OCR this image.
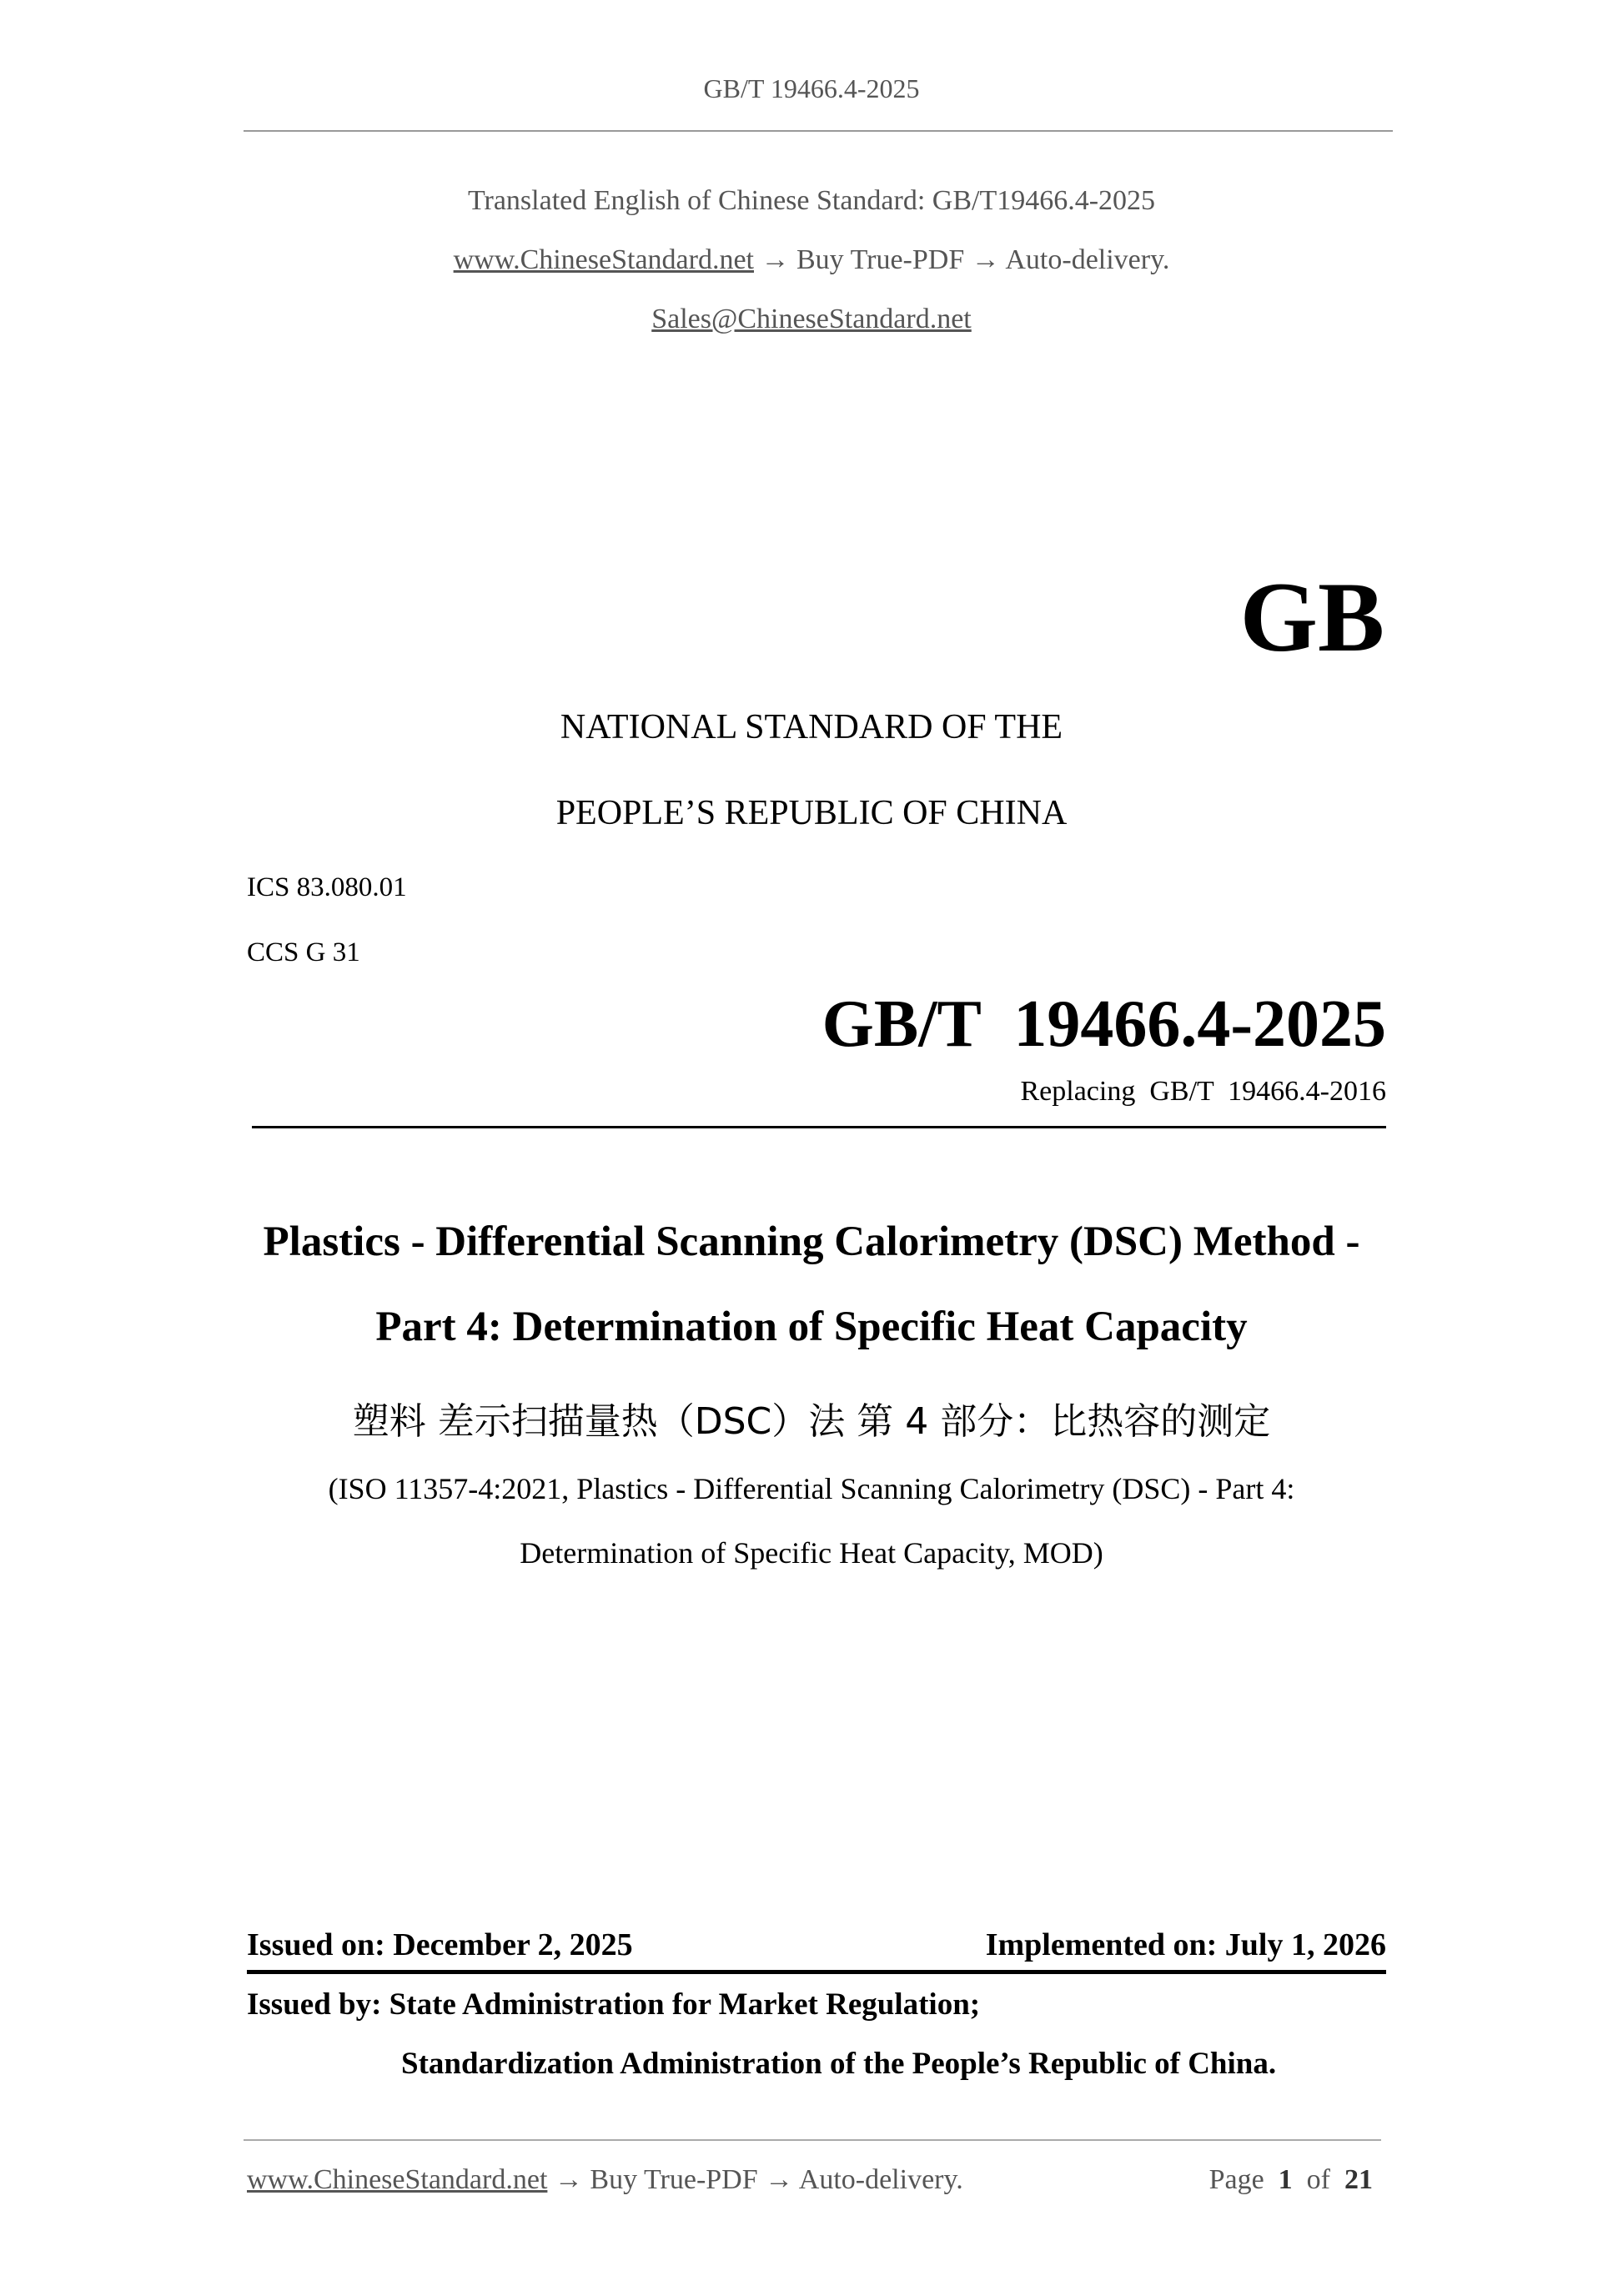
GB/T 19466.4-2025
Translated English of Chinese Standard: GB/T19466.4-2025
www.ChineseStandard.net → Buy True-PDF → Auto-delivery.
Sales@ChineseStandard.net
GB
NATIONAL STANDARD OF THE
PEOPLE’S REPUBLIC OF CHINA
ICS 83.080.01
CCS G 31
GB/T  19466.4-2025
Replacing  GB/T  19466.4-2016
Plastics - Differential Scanning Calorimetry (DSC) Method -
Part 4: Determination of Specific Heat Capacity
塑料 差示扫描量热（DSC）法 第 4 部分：比热容的测定
(ISO 11357-4:2021, Plastics - Differential Scanning Calorimetry (DSC) - Part 4:
Determination of Specific Heat Capacity, MOD)
Issued on: December 2, 2025	Implemented on: July 1, 2026
Issued by: State Administration for Market Regulation;
Standardization Administration of the People’s Republic of China.
www.ChineseStandard.net → Buy True-PDF → Auto-delivery.	Page 1 of 21
